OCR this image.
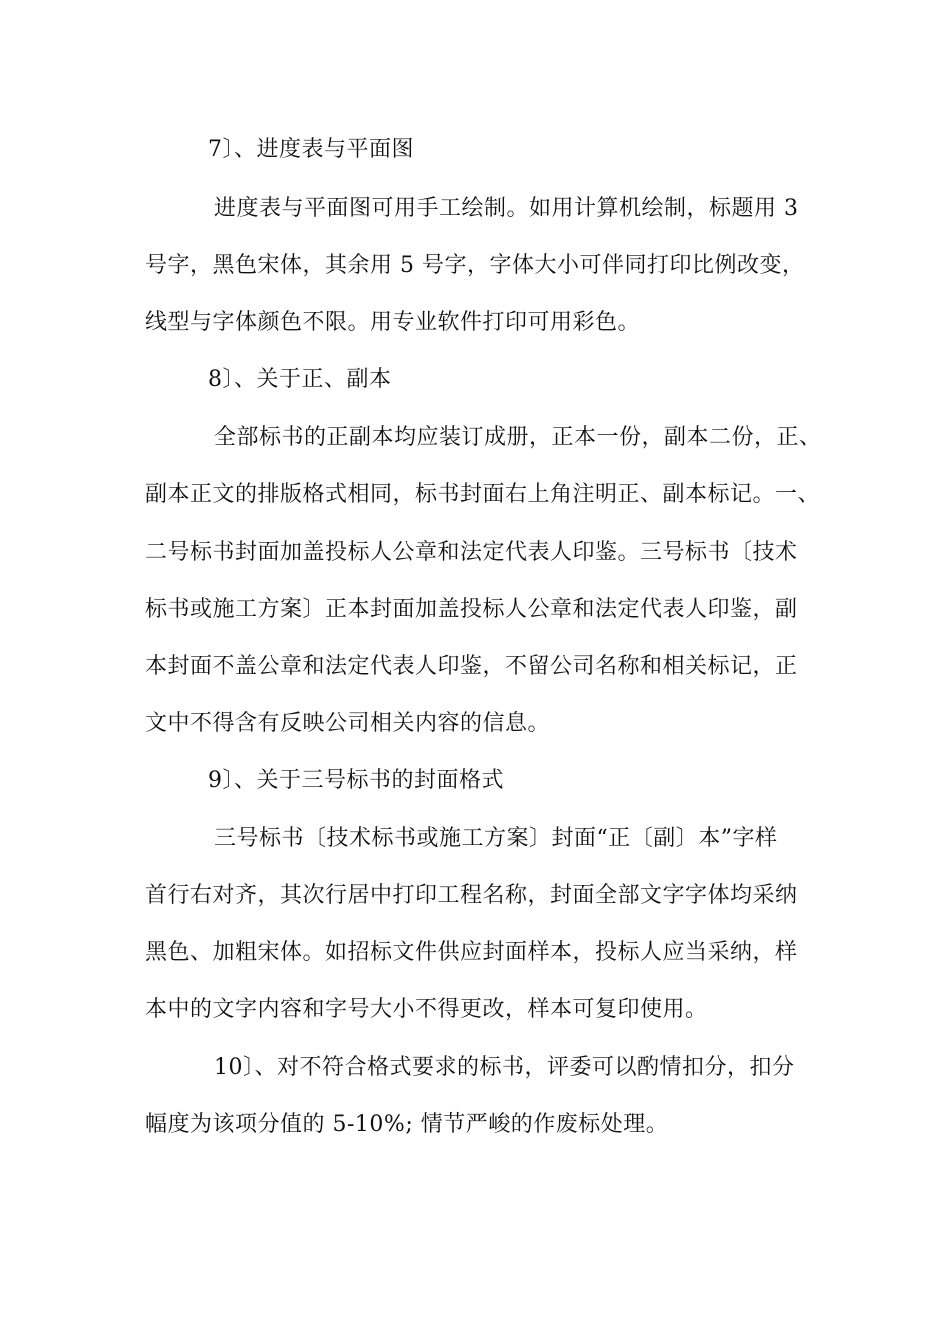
7〕、进度表与平面图
进度表与平面图可用手工绘制。如用计算机绘制，标题用 3
号字，黑色宋体，其余用 5 号字，字体大小可伴同打印比例改变，
线型与字体颜色不限。用专业软件打印可用彩色。
8〕、关于正、副本
全部标书的正副本均应装订成册，正本一份，副本二份，正、
副本正文的排版格式相同，标书封面右上角注明正、副本标记。一、
二号标书封面加盖投标人公章和法定代表人印鉴。三号标书〔技术
标书或施工方案〕正本封面加盖投标人公章和法定代表人印鉴，副
本封面不盖公章和法定代表人印鉴，不留公司名称和相关标记，正
文中不得含有反映公司相关内容的信息。
9〕、关于三号标书的封面格式
三号标书〔技术标书或施工方案〕封面“正〔副〕本”字样
首行右对齐，其次行居中打印工程名称，封面全部文字字体均采纳
黑色、加粗宋体。如招标文件供应封面样本，投标人应当采纳，样
本中的文字内容和字号大小不得更改，样本可复印使用。
10〕、对不符合格式要求的标书，评委可以酌情扣分，扣分
幅度为该项分值的 5-10%; 情节严峻的作废标处理。
